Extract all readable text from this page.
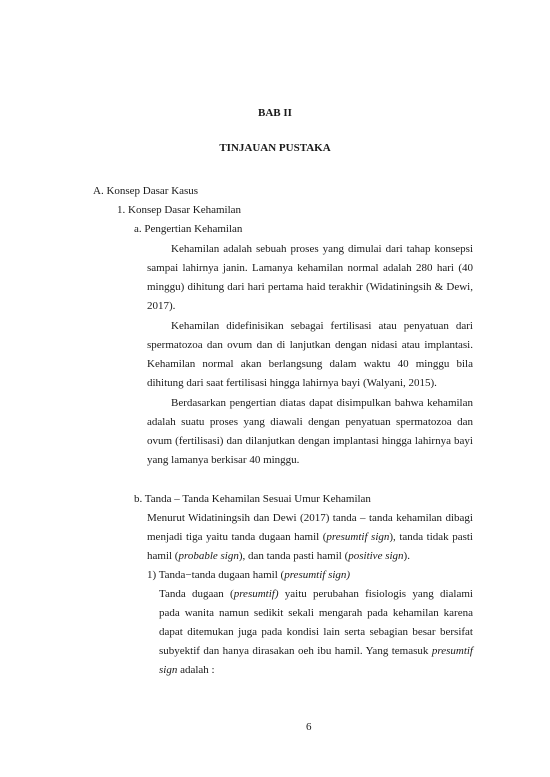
BAB II
TINJAUAN PUSTAKA
A. Konsep Dasar Kasus
1. Konsep Dasar Kehamilan
a. Pengertian Kehamilan
Kehamilan adalah sebuah proses yang dimulai dari tahap konsepsi
sampai lahirnya janin. Lamanya kehamilan normal adalah 280 hari (40
minggu) dihitung dari hari pertama haid terakhir (Widatiningsih & Dewi,
2017).
Kehamilan didefinisikan sebagai fertilisasi atau penyatuan dari
spermatozoa dan ovum dan di lanjutkan dengan nidasi atau implantasi.
Kehamilan normal akan berlangsung dalam waktu 40 minggu bila
dihitung dari saat fertilisasi hingga lahirnya bayi (Walyani, 2015).
Berdasarkan pengertian diatas dapat disimpulkan bahwa kehamilan
adalah suatu proses yang diawali dengan penyatuan spermatozoa dan
ovum (fertilisasi) dan dilanjutkan dengan implantasi hingga lahirnya bayi
yang lamanya berkisar 40 minggu.
b. Tanda – Tanda Kehamilan Sesuai Umur Kehamilan
Menurut Widatiningsih dan Dewi (2017) tanda – tanda kehamilan dibagi
menjadi tiga yaitu tanda dugaan hamil (presumtif sign), tanda tidak pasti
hamil (probable sign), dan tanda pasti hamil (positive sign).
1) Tanda−tanda dugaan hamil (presumtif sign)
Tanda dugaan (presumtif) yaitu perubahan fisiologis yang dialami
pada wanita namun sedikit sekali mengarah pada kehamilan karena
dapat ditemukan juga pada kondisi lain serta sebagian besar bersifat
subyektif dan hanya dirasakan oeh ibu hamil. Yang temasuk presumtif
sign adalah :
6
